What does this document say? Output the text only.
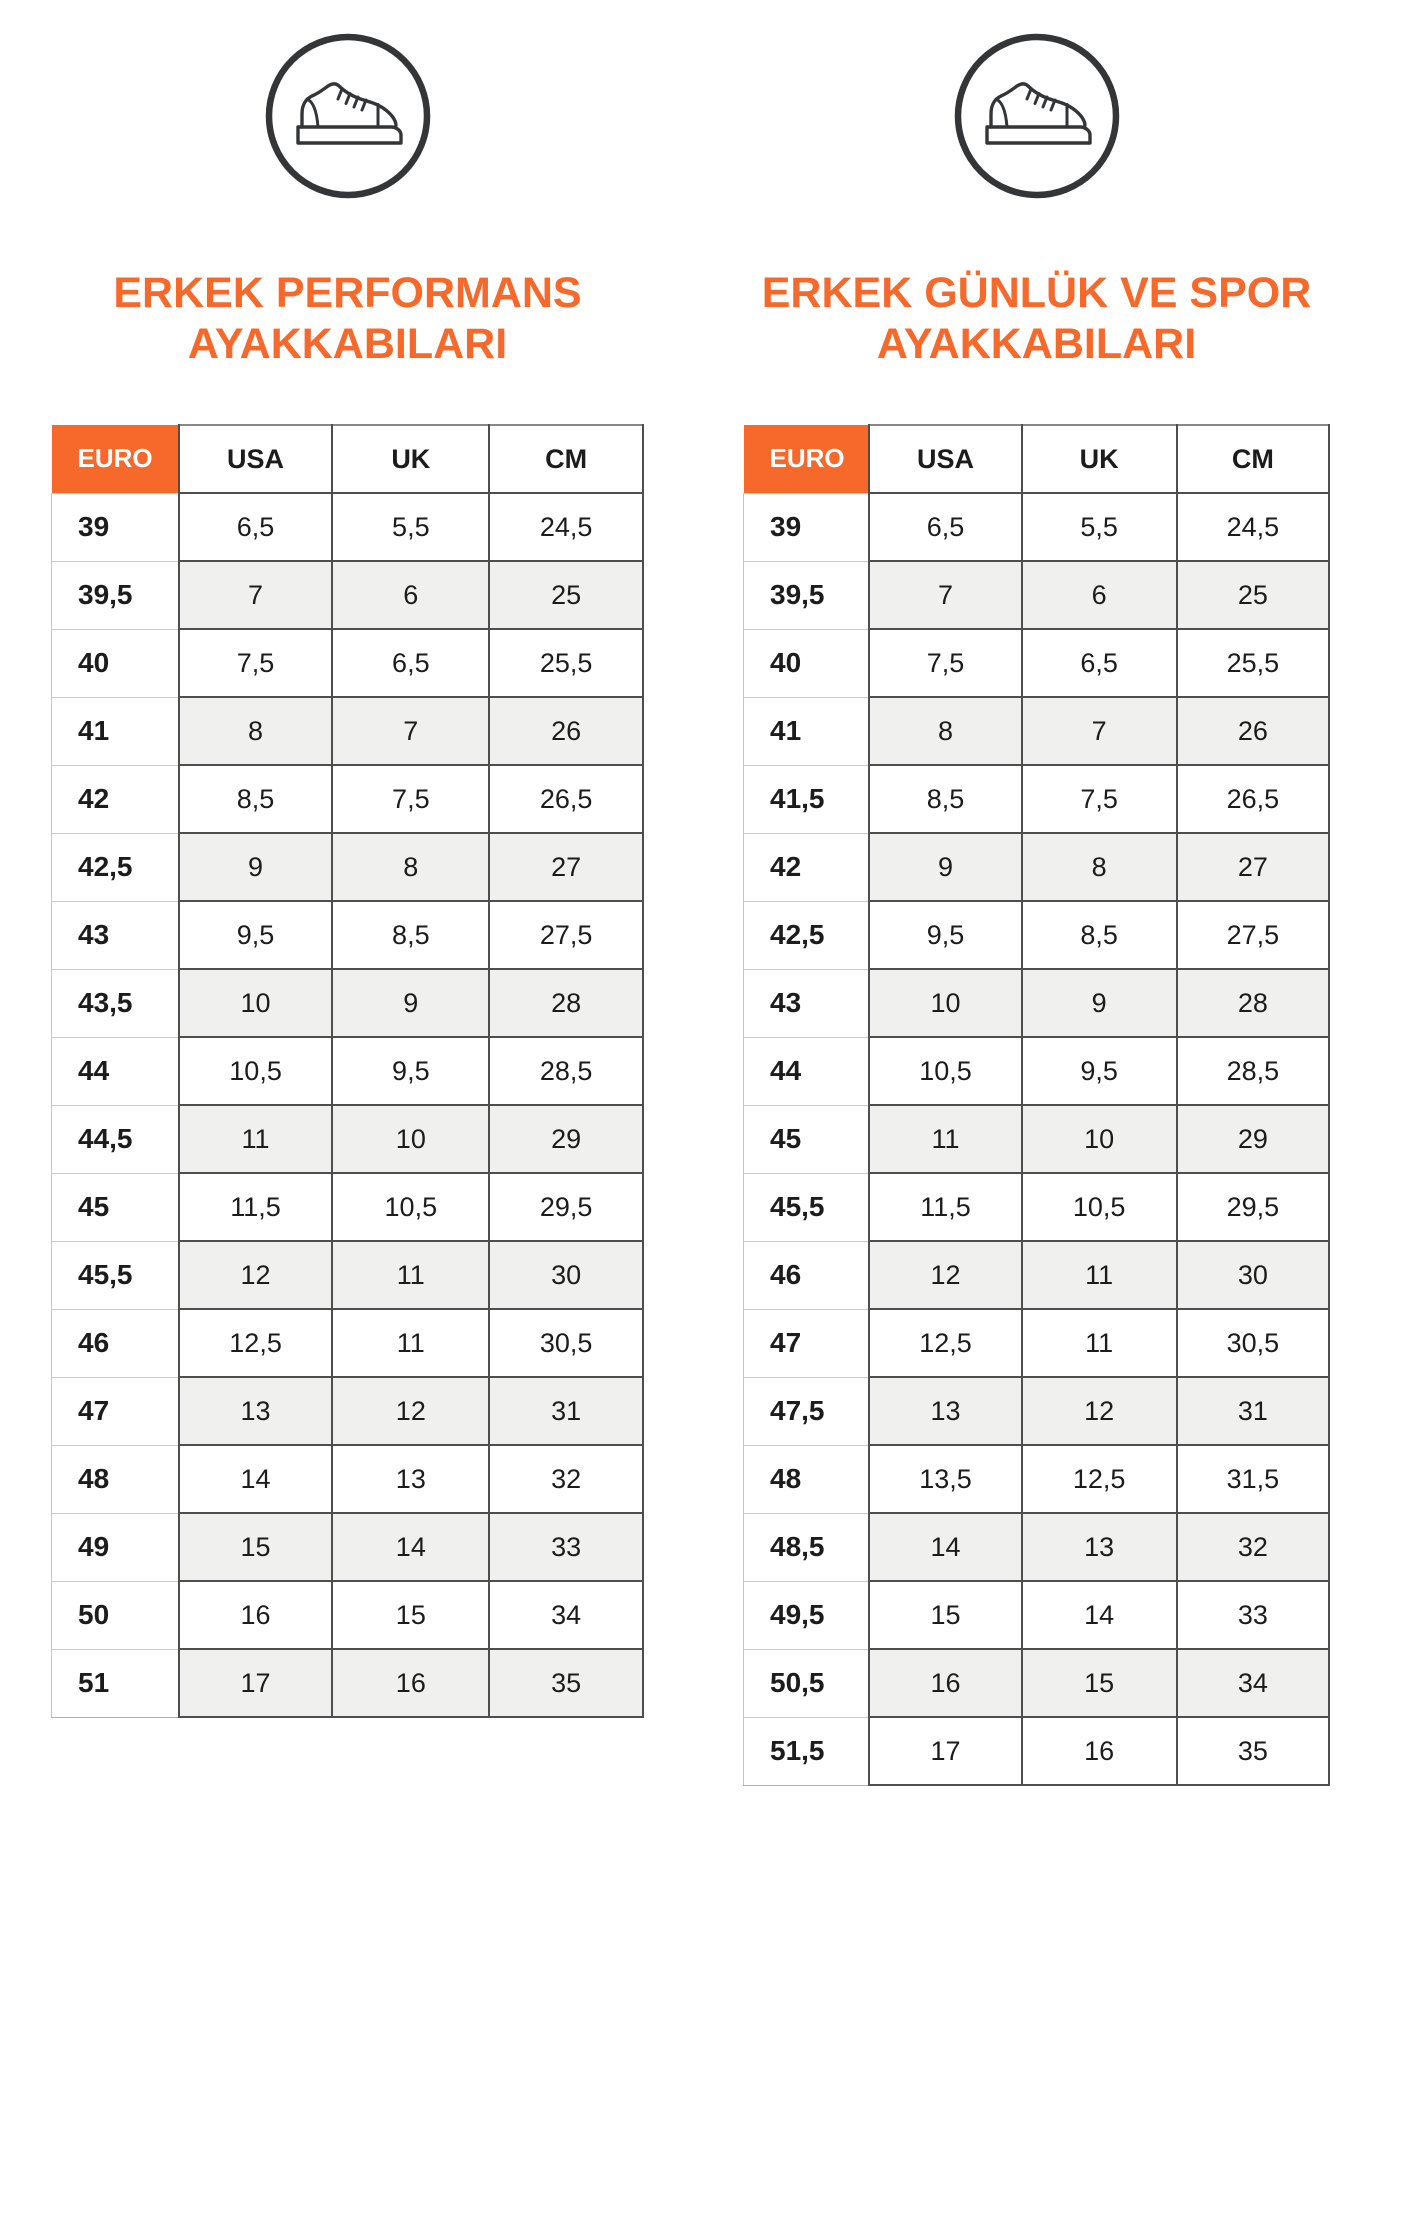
ERKEK PERFORMANS
AYAKKABILARI
EURO	USA	UK	CM
39	6,5	5,5	24,5
39,5	7	6	25
40	7,5	6,5	25,5
41	8	7	26
42	8,5	7,5	26,5
42,5	9	8	27
43	9,5	8,5	27,5
43,5	10	9	28
44	10,5	9,5	28,5
44,5	11	10	29
45	11,5	10,5	29,5
45,5	12	11	30
46	12,5	11	30,5
47	13	12	31
48	14	13	32
49	15	14	33
50	16	15	34
51	17	16	35
ERKEK GÜNLÜK VE SPOR
AYAKKABILARI
EURO	USA	UK	CM
39	6,5	5,5	24,5
39,5	7	6	25
40	7,5	6,5	25,5
41	8	7	26
41,5	8,5	7,5	26,5
42	9	8	27
42,5	9,5	8,5	27,5
43	10	9	28
44	10,5	9,5	28,5
45	11	10	29
45,5	11,5	10,5	29,5
46	12	11	30
47	12,5	11	30,5
47,5	13	12	31
48	13,5	12,5	31,5
48,5	14	13	32
49,5	15	14	33
50,5	16	15	34
51,5	17	16	35
